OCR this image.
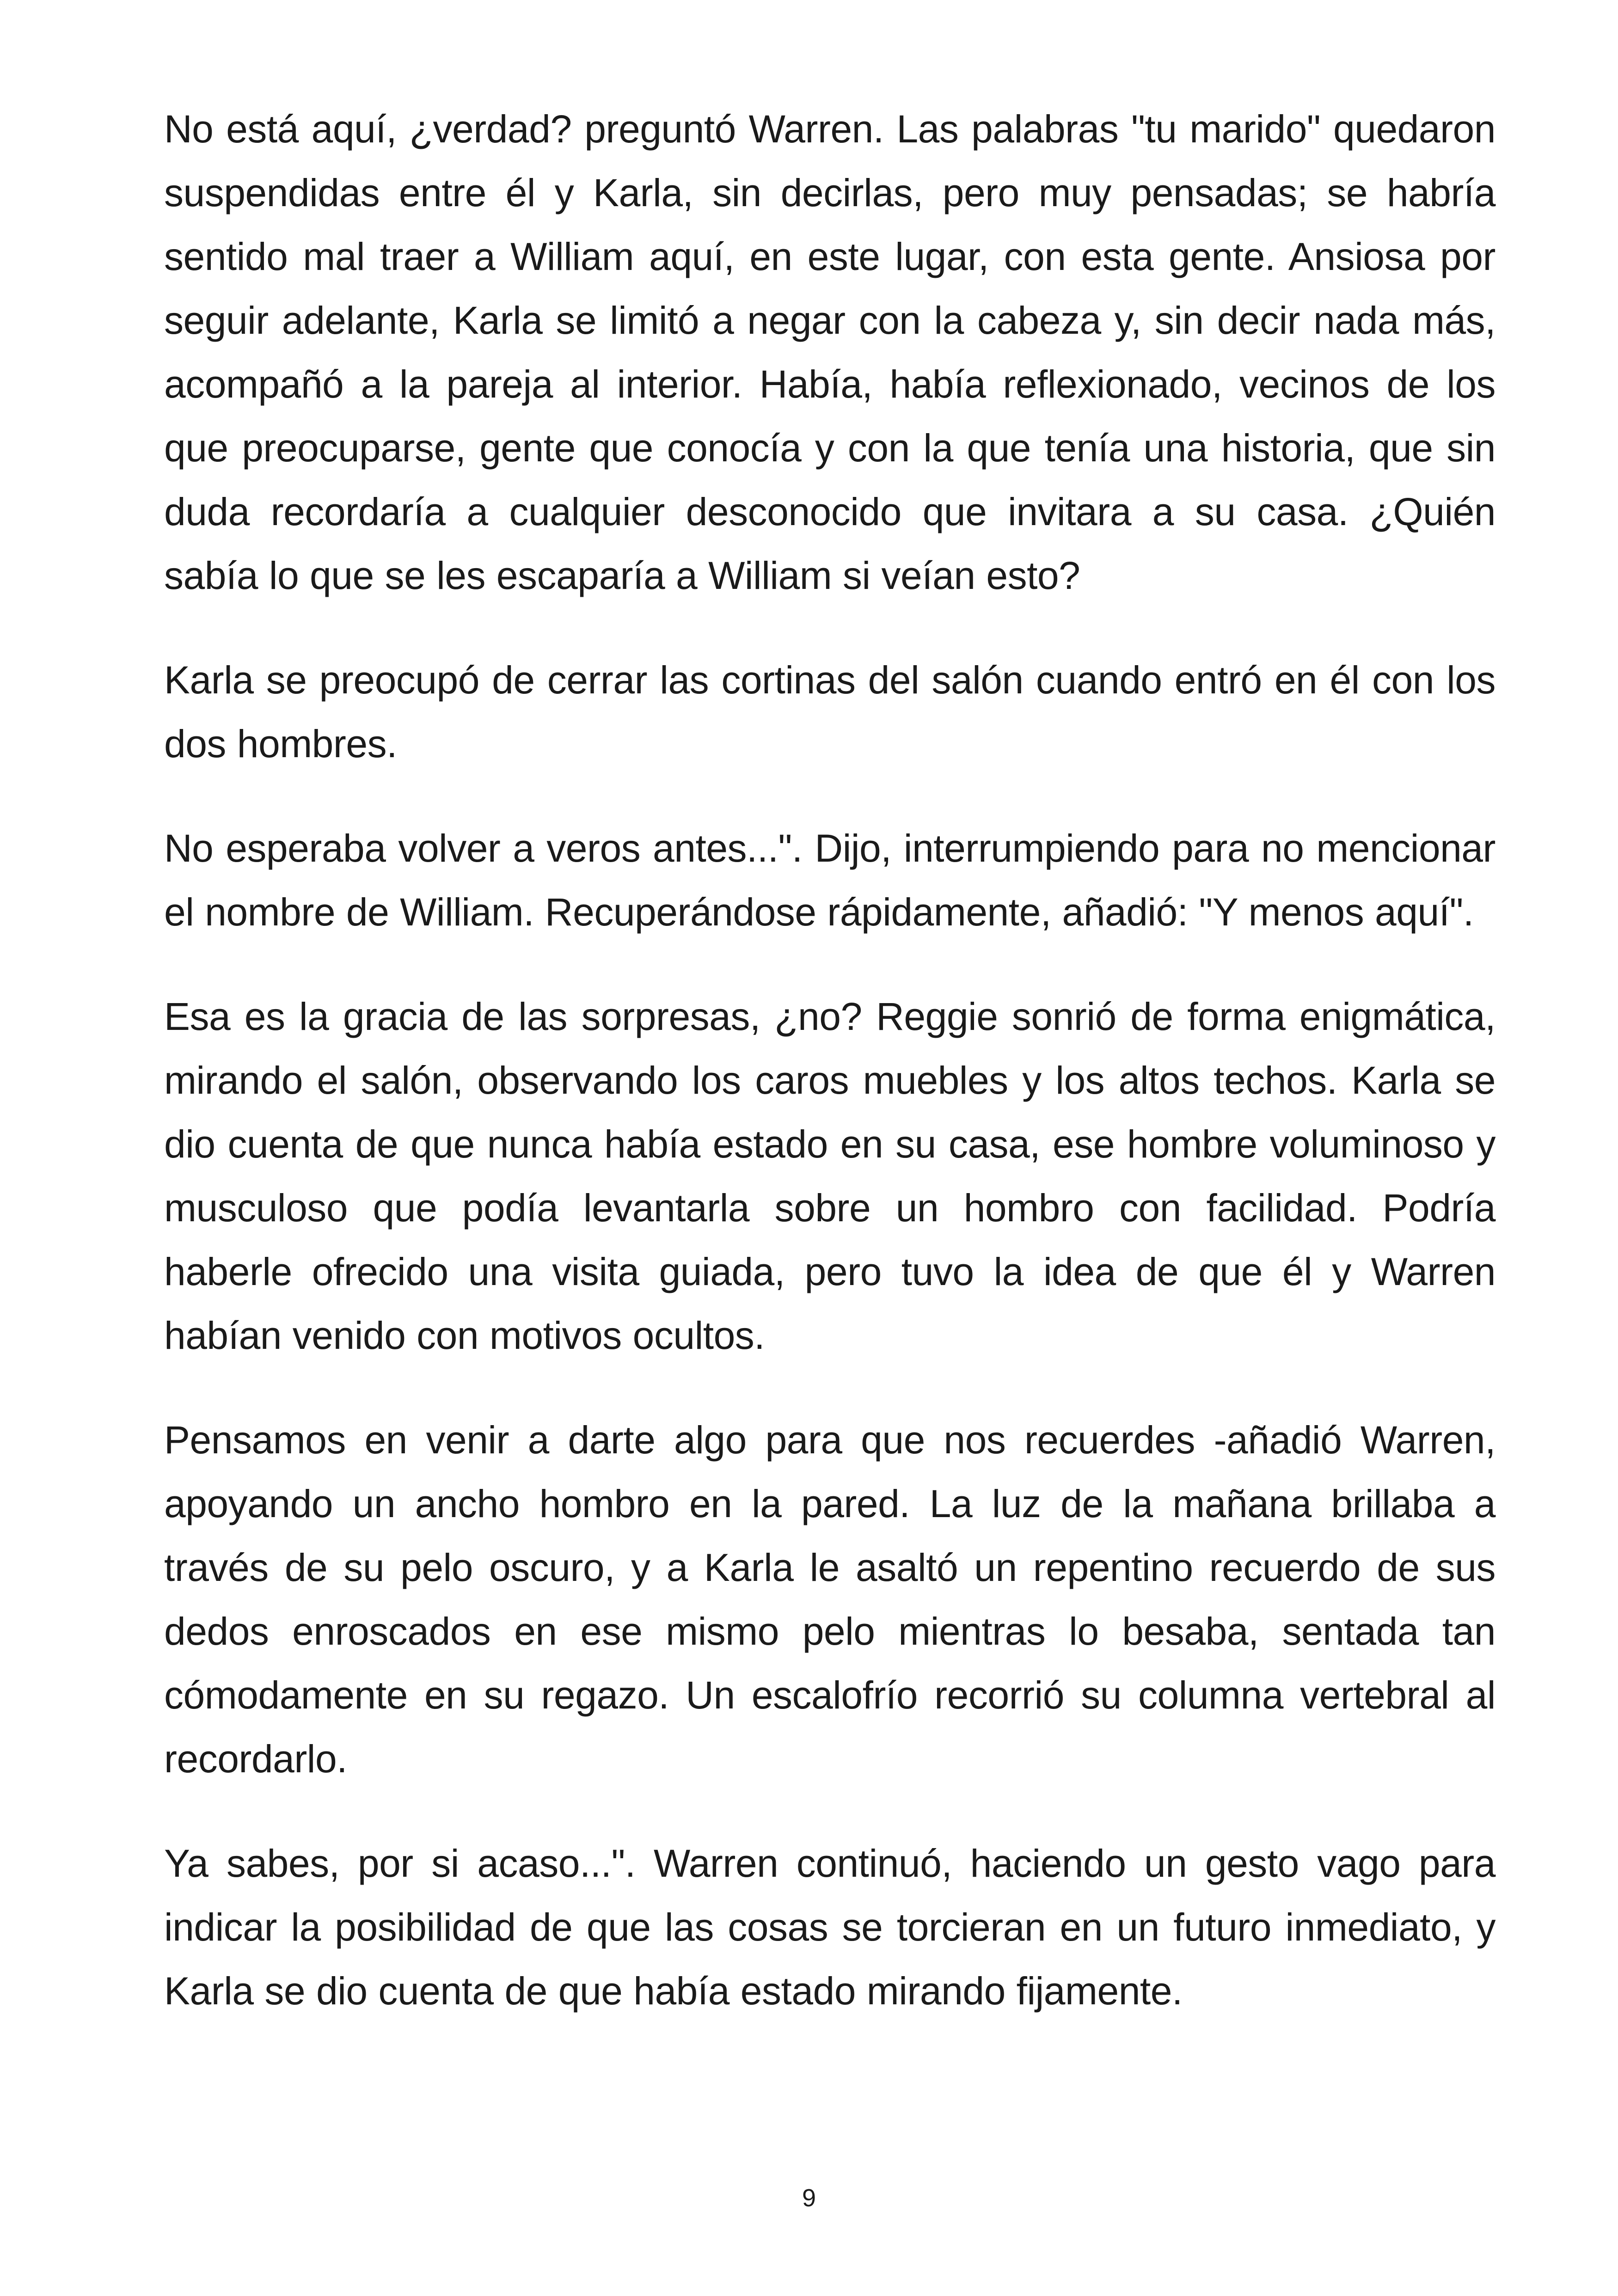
No está aquí, ¿verdad? preguntó Warren. Las palabras "tu marido" quedaron suspendidas entre él y Karla, sin decirlas, pero muy pensadas; se habría sentido mal traer a William aquí, en este lugar, con esta gente. Ansiosa por seguir adelante, Karla se limitó a negar con la cabeza y, sin decir nada más, acompañó a la pareja al interior. Había, había reflexionado, vecinos de los que preocuparse, gente que conocía y con la que tenía una historia, que sin duda recordaría a cualquier desconocido que invitara a su casa. ¿Quién sabía lo que se les escaparía a William si veían esto?

Karla se preocupó de cerrar las cortinas del salón cuando entró en él con los dos hombres.

No esperaba volver a veros antes...". Dijo, interrumpiendo para no mencionar el nombre de William. Recuperándose rápidamente, añadió: "Y menos aquí".

Esa es la gracia de las sorpresas, ¿no? Reggie sonrió de forma enigmática, mirando el salón, observando los caros muebles y los altos techos. Karla se dio cuenta de que nunca había estado en su casa, ese hombre voluminoso y musculoso que podía levantarla sobre un hombro con facilidad. Podría haberle ofrecido una visita guiada, pero tuvo la idea de que él y Warren habían venido con motivos ocultos.

Pensamos en venir a darte algo para que nos recuerdes -añadió Warren, apoyando un ancho hombro en la pared. La luz de la mañana brillaba a través de su pelo oscuro, y a Karla le asaltó un repentino recuerdo de sus dedos enroscados en ese mismo pelo mientras lo besaba, sentada tan cómodamente en su regazo. Un escalofrío recorrió su columna vertebral al recordarlo.

Ya sabes, por si acaso...". Warren continuó, haciendo un gesto vago para indicar la posibilidad de que las cosas se torcieran en un futuro inmediato, y Karla se dio cuenta de que había estado mirando fijamente.

9
